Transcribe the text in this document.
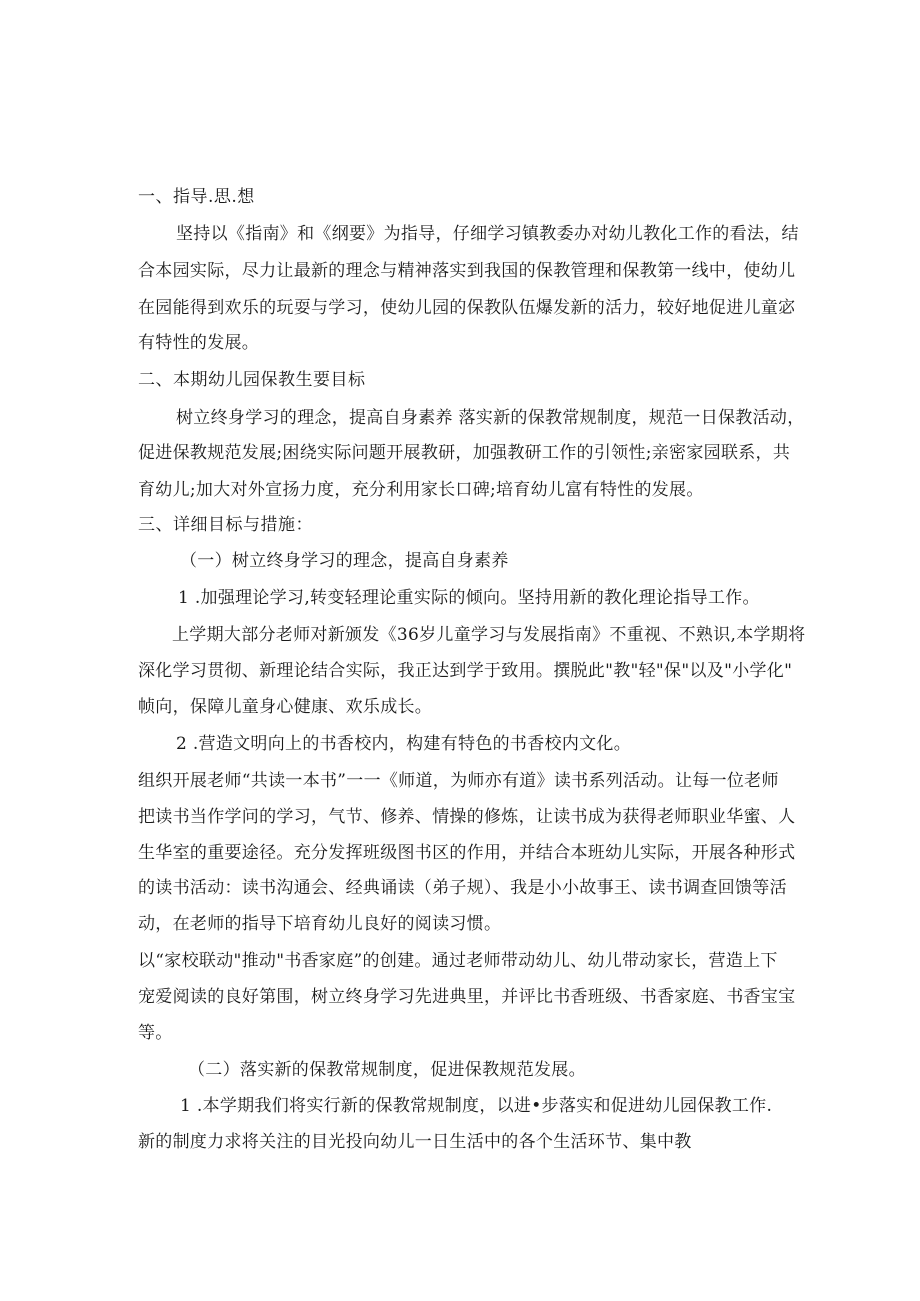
一、指导.思.想
坚持以《指南》和《纲要》为指导，仔细学习镇教委办对幼儿教化工作的看法，结
合本园实际，尽力让最新的理念与精神落实到我国的保教管理和保教第一线中，使幼儿
在园能得到欢乐的玩耍与学习，使幼儿园的保教队伍爆发新的活力，较好地促进儿童宓
有特性的发展。
二、本期幼儿园保教生要目标
树立终身学习的理念，提高自身素养 落实新的保教常规制度，规范一日保教活动，
促进保教规范发展;困绕实际问题开展教研，加强教研工作的引领性;亲密家园联系，共
育幼儿;加大对外宣扬力度，充分利用家长口碑;培育幼儿富有特性的发展。
三、详细目标与措施：
（一）树立终身学习的理念，提高自身素养
1 .加强理论学习,转变轻理论重实际的倾向。坚持用新的教化理论指导工作。
上学期大部分老师对新颁发《36岁儿童学习与发展指南》不重视、不熟识,本学期将
深化学习贯彻、新理论结合实际，我正达到学于致用。撰脱此"教"轻"保"以及"小学化"
帧向，保障儿童身心健康、欢乐成长。
2 .营造文明向上的书香校内，构建有特色的书香校内文化。
组织开展老师“共读一本书”一一《师道，为师亦有道》读书系列活动。让每一位老师
把读书当作学问的学习，气节、修养、情操的修炼，让读书成为获得老师职业华蜜、人
生华室的重要途径。充分发挥班级图书区的作用，并结合本班幼儿实际，开展各种形式
的读书活动：读书沟通会、经典诵读（弟子规）、我是小小故事王、读书调查回馈等活
动，在老师的指导下培育幼儿良好的阅读习惯。
以“家校联动"推动"书香家庭”的创建。通过老师带动幼儿、幼儿带动家长，营造上下
宠爱阅读的良好第围，树立终身学习先进典里，并评比书香班级、书香家庭、书香宝宝
等。
（二）落实新的保教常规制度，促进保教规范发展。
1 .本学期我们将实行新的保教常规制度，以进•步落实和促进幼儿园保教工作.
新的制度力求将关注的目光投向幼儿一日生活中的各个生活环节、集中教
